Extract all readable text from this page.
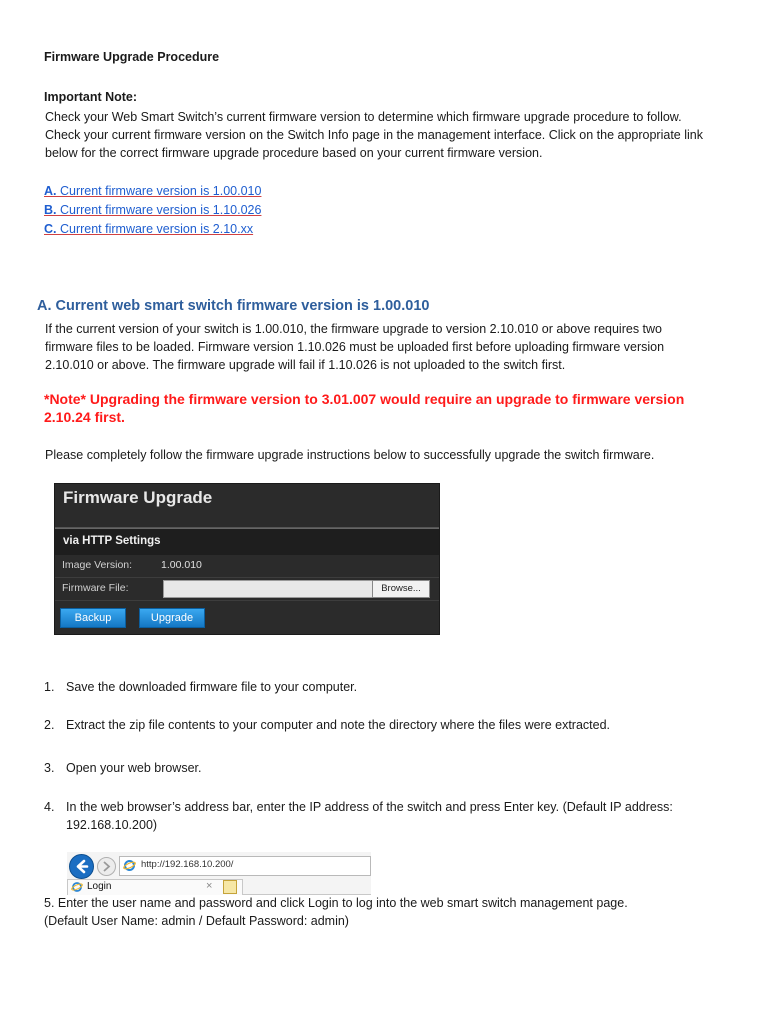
Firmware Upgrade Procedure
Important Note:
Check your Web Smart Switch’s current firmware version to determine which firmware upgrade procedure to follow.
Check your current firmware version on the Switch Info page in the management interface. Click on the appropriate link
below for the correct firmware upgrade procedure based on your current firmware version.
A. Current firmware version is 1.00.010
B. Current firmware version is 1.10.026
C. Current firmware version is 2.10.xx
A. Current web smart switch firmware version is 1.00.010
If the current version of your switch is 1.00.010, the firmware upgrade to version 2.10.010 or above requires two
firmware files to be loaded. Firmware version 1.10.026 must be uploaded first before uploading firmware version
2.10.010 or above. The firmware upgrade will fail if 1.10.026 is not uploaded to the switch first.
*Note* Upgrading the firmware version to 3.01.007 would require an upgrade to firmware version
2.10.24 first.
Please completely follow the firmware upgrade instructions below to successfully upgrade the switch firmware.
Firmware Upgrade
via HTTP Settings
Image Version:	1.00.010
Firmware File:	Browse...
Backup	Upgrade
1. Save the downloaded firmware file to your computer.
2. Extract the zip file contents to your computer and note the directory where the files were extracted.
3. Open your web browser.
4. In the web browser’s address bar, enter the IP address of the switch and press Enter key. (Default IP address:
192.168.10.200)
http://192.168.10.200/
Login	×
5. Enter the user name and password and click Login to log into the web smart switch management page.
(Default User Name: admin / Default Password: admin)
